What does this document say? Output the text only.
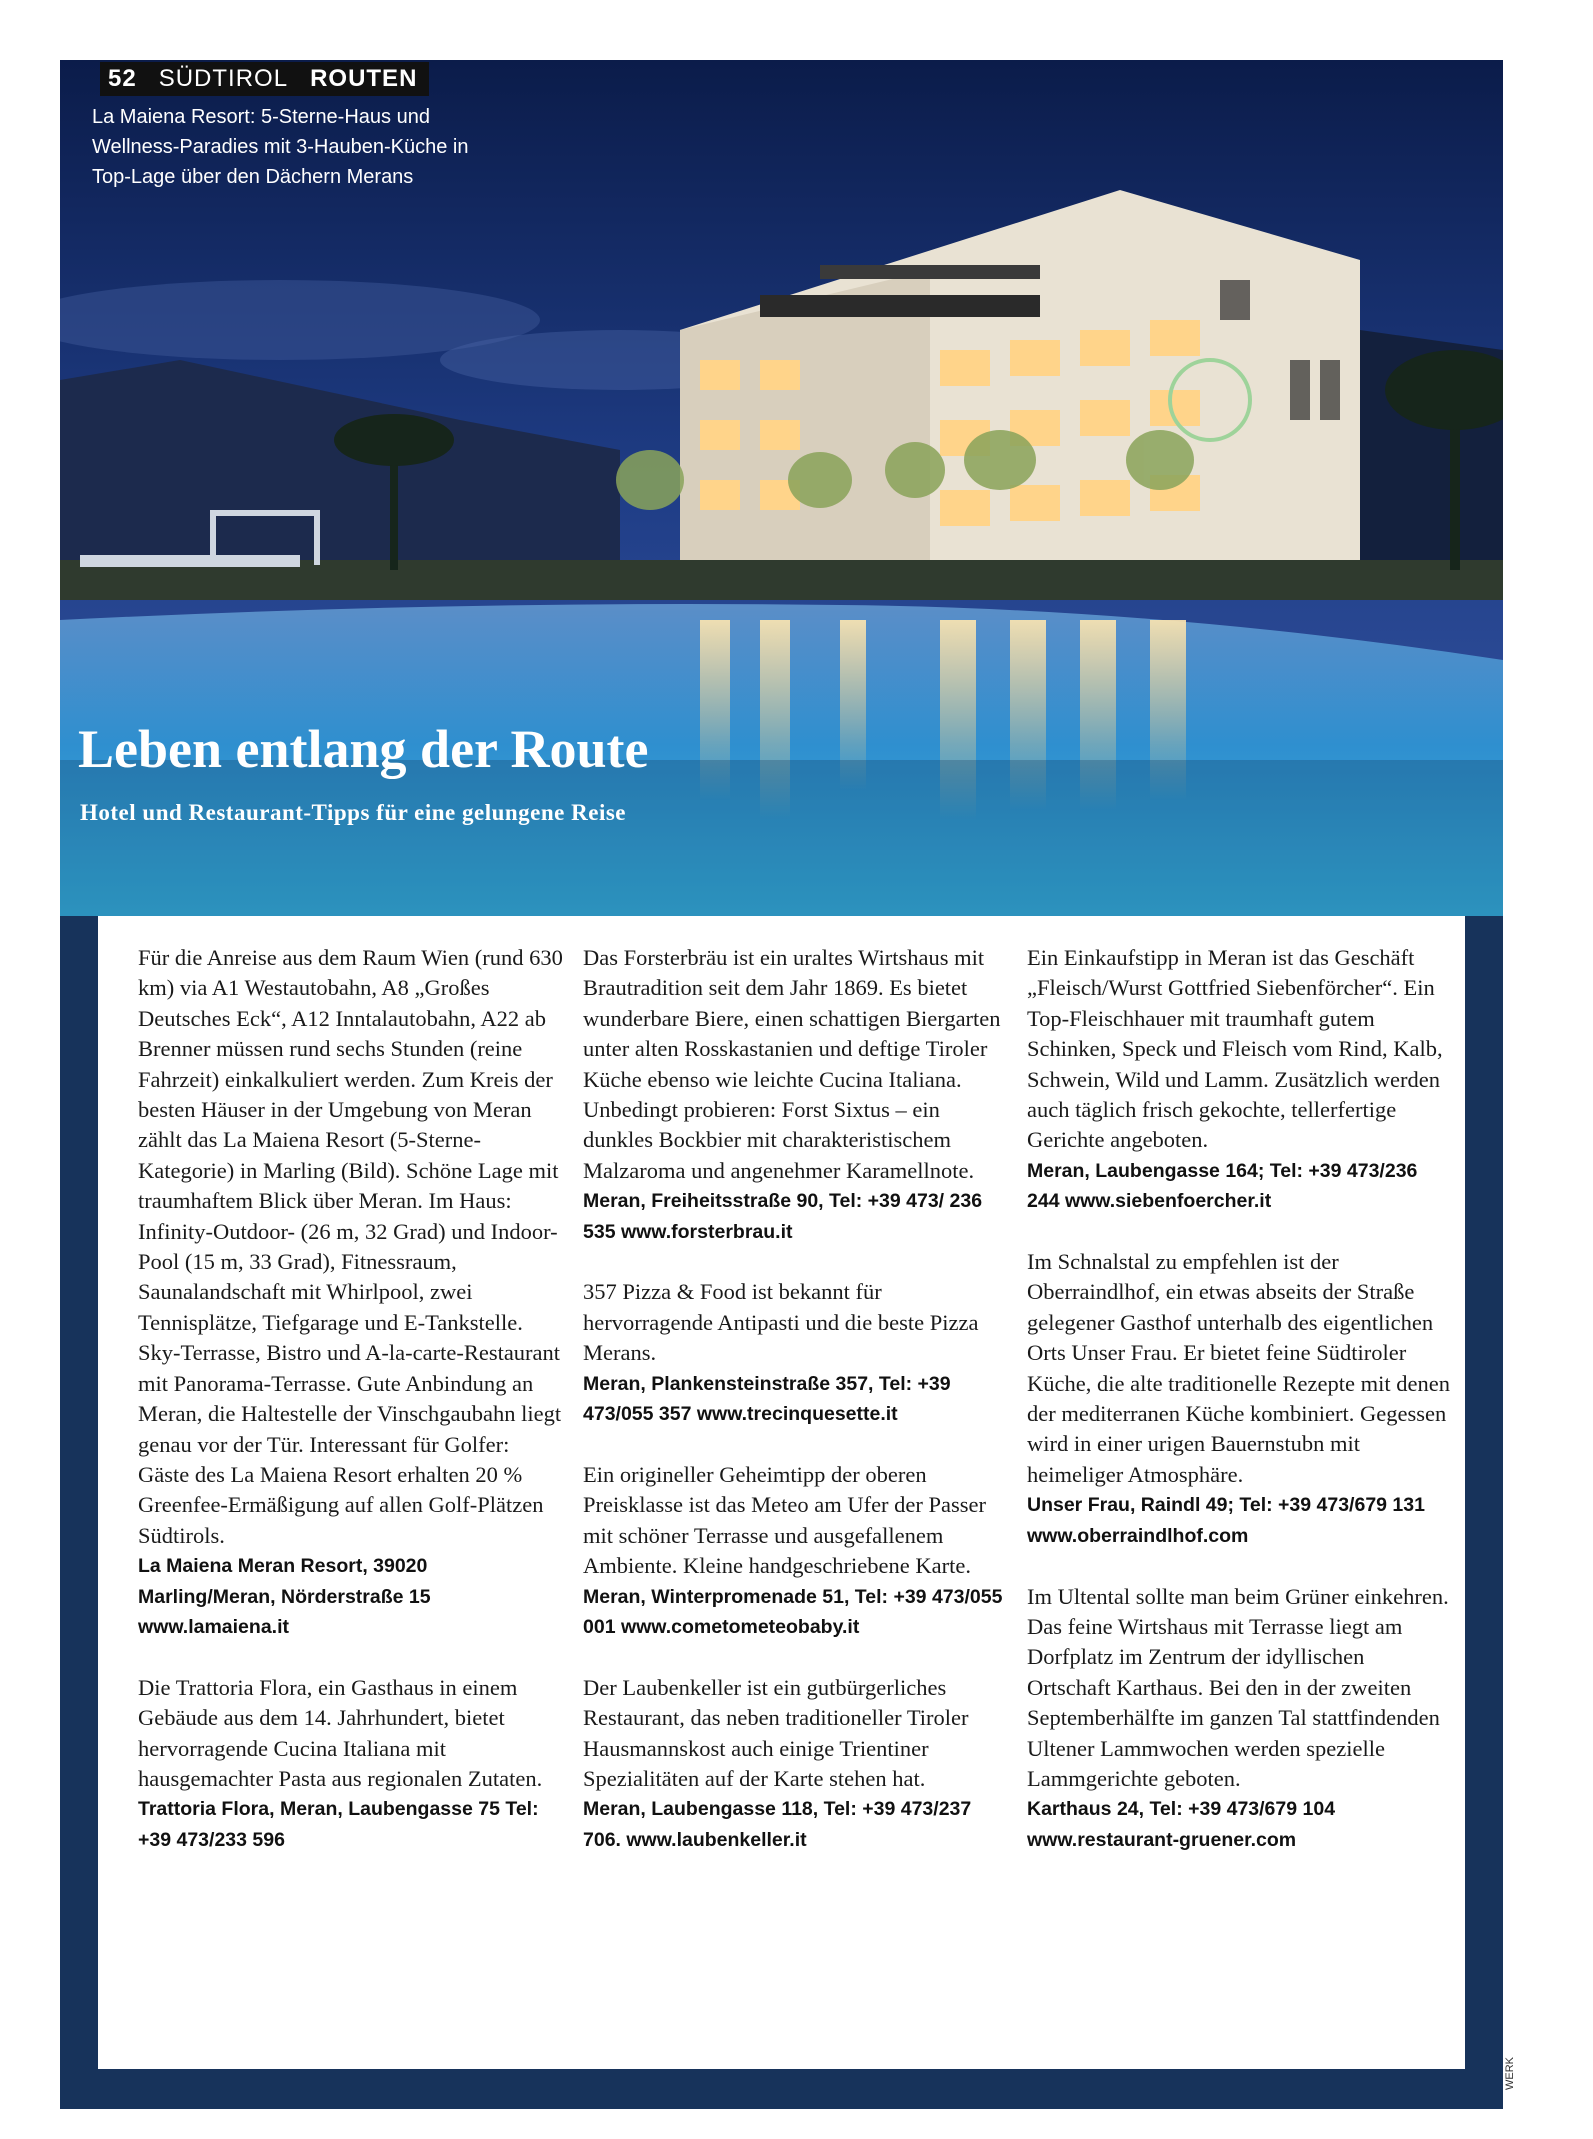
52 SÜDTIROL ROUTEN
La Maiena Resort: 5-Sterne-Haus und Wellness-Paradies mit 3-Hauben-Küche in Top-Lage über den Dächern Merans
Leben entlang der Route
Hotel und Restaurant-Tipps für eine gelungene Reise

Für die Anreise aus dem Raum Wien (rund 630 km) via A1 Westautobahn, A8 „Großes Deutsches Eck“, A12 Inntalautobahn, A22 ab Brenner müssen rund sechs Stunden (reine Fahrzeit) einkalkuliert werden. Zum Kreis der besten Häuser in der Umgebung von Meran zählt das La Maiena Resort (5-Sterne-Kategorie) in Marling (Bild). Schöne Lage mit traumhaftem Blick über Meran. Im Haus: Infinity-Outdoor- (26 m, 32 Grad) und Indoor-Pool (15 m, 33 Grad), Fitnessraum, Saunalandschaft mit Whirlpool, zwei Tennisplätze, Tiefgarage und E-Tankstelle. Sky-Terrasse, Bistro und A-la-carte-Restaurant mit Panorama-Terrasse. Gute Anbindung an Meran, die Haltestelle der Vinschgaubahn liegt genau vor der Tür. Interessant für Golfer: Gäste des La Maiena Resort erhalten 20 % Greenfee-Ermäßigung auf allen Golf-Plätzen Südtirols.
La Maiena Meran Resort, 39020 Marling/Meran, Nörderstraße 15 www.lamaiena.it

Die Trattoria Flora, ein Gasthaus in einem Gebäude aus dem 14. Jahrhundert, bietet hervorragende Cucina Italiana mit hausgemachter Pasta aus regionalen Zutaten.
Trattoria Flora, Meran, Laubengasse 75 Tel: +39 473/233 596

Das Forsterbräu ist ein uraltes Wirtshaus mit Brautradition seit dem Jahr 1869. Es bietet wunderbare Biere, einen schattigen Biergarten unter alten Rosskastanien und deftige Tiroler Küche ebenso wie leichte Cucina Italiana. Unbedingt probieren: Forst Sixtus – ein dunkles Bockbier mit charakteristischem Malzaroma und angenehmer Karamellnote.
Meran, Freiheitsstraße 90, Tel: +39 473/ 236 535 www.forsterbrau.it

357 Pizza & Food ist bekannt für hervorragende Antipasti und die beste Pizza Merans.
Meran, Plankensteinstraße 357, Tel: +39 473/055 357 www.trecinquesette.it

Ein origineller Geheimtipp der oberen Preisklasse ist das Meteo am Ufer der Passer mit schöner Terrasse und ausgefallenem Ambiente. Kleine handgeschriebene Karte.
Meran, Winterpromenade 51, Tel: +39 473/055 001 www.cometometeobaby.it

Der Laubenkeller ist ein gutbürgerliches Restaurant, das neben traditioneller Tiroler Hausmannskost auch einige Trientiner Spezialitäten auf der Karte stehen hat.
Meran, Laubengasse 118, Tel: +39 473/237 706. www.laubenkeller.it

Ein Einkaufstipp in Meran ist das Geschäft „Fleisch/Wurst Gottfried Siebenförcher“. Ein Top-Fleischhauer mit traumhaft gutem Schinken, Speck und Fleisch vom Rind, Kalb, Schwein, Wild und Lamm. Zusätzlich werden auch täglich frisch gekochte, tellerfertige Gerichte angeboten.
Meran, Laubengasse 164; Tel: +39 473/236 244 www.siebenfoercher.it

Im Schnalstal zu empfehlen ist der Oberraindlhof, ein etwas abseits der Straße gelegener Gasthof unterhalb des eigentlichen Orts Unser Frau. Er bietet feine Südtiroler Küche, die alte traditionelle Rezepte mit denen der mediterranen Küche kombiniert. Gegessen wird in einer urigen Bauernstubn mit heimeliger Atmosphäre.
Unser Frau, Raindl 49; Tel: +39 473/679 131 www.oberraindlhof.com

Im Ultental sollte man beim Grüner einkehren. Das feine Wirtshaus mit Terrasse liegt am Dorfplatz im Zentrum der idyllischen Ortschaft Karthaus. Bei den in der zweiten Septemberhälfte im ganzen Tal stattfindenden Ultener Lammwochen werden spezielle Lammgerichte geboten.
Karthaus 24, Tel: +39 473/679 104 www.restaurant-gruener.com

WERK
